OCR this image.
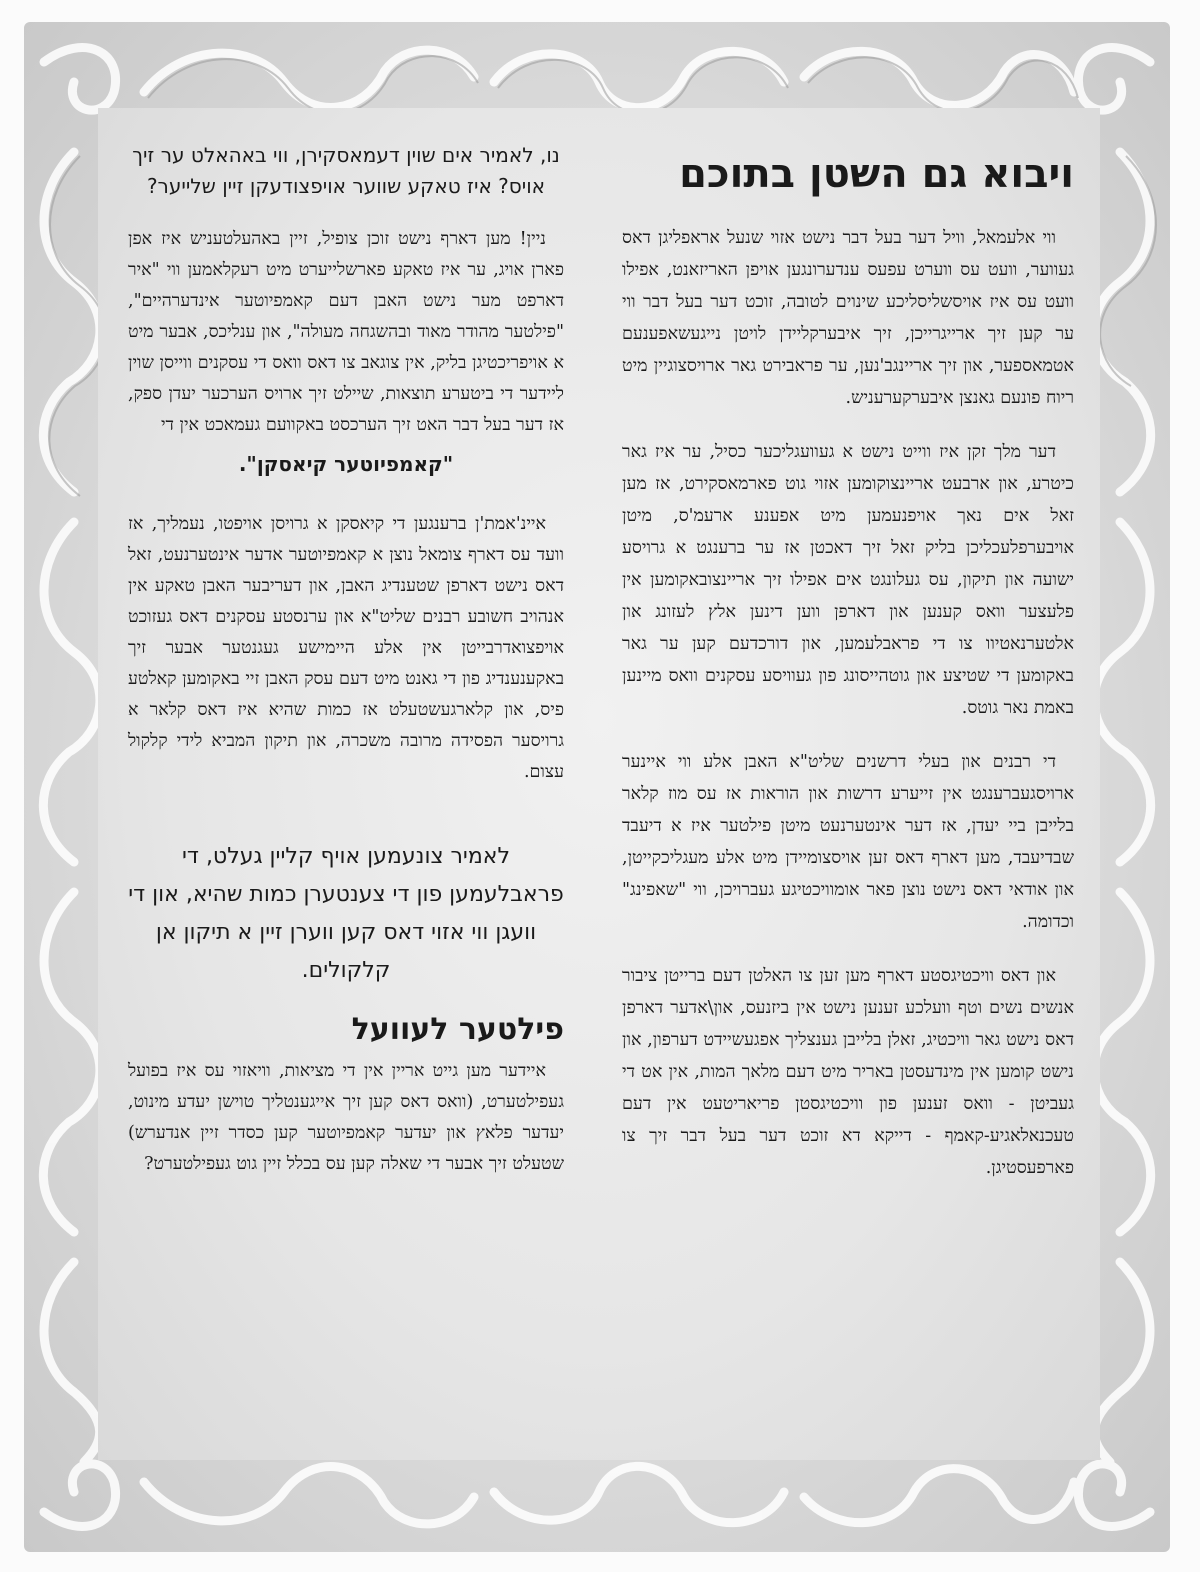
ויבוא גם השטן בתוכם

ווי אלעמאל, וויל דער בעל דבר נישט אזוי שנעל אראפליגן דאס געווער, וועט עס ווערט עפעס ענדערונגען אויפן האריזאנט, אפילו וועט עס איז אויסשליסליכע שינוים לטובה, זוכט דער בעל דבר ווי ער קען זיך ארייגרייכן, זיך איבערקליידן לויטן נייגעשאפענעם אטמאספער, און זיך אריינגב'נען, ער פראבירט גאר ארויסצוגיין מיט ריוח פונעם גאנצן איבערקערעניש.

דער מלך זקן איז ווייט נישט א געוועגליכער כסיל, ער איז גאר כיטרע, און ארבעט אריינצוקומען אזוי גוט פארמאסקירט, אז מען זאל אים נאך אויפנעמען מיט אפענע ארעמ'ס, מיטן אויבערפלעכליכן בליק זאל זיך דאכטן אז ער ברענגט א גרויסע ישועה און תיקון, עס געלונגט אים אפילו זיך אריינצובאקומען אין פלעצער וואס קענען און דארפן ווען דינען אלץ לעזונג און אלטערנאטיוו צו די פראבלעמען, און דורכדעם קען ער גאר באקומען די שטיצע און גוטהייסונג פון געוויסע עסקנים וואס מיינען באמת נאר גוטס.

די רבנים און בעלי דרשנים שליט"א האבן אלע ווי איינער ארויסגעברענגט אין זייערע דרשות און הוראות אז עס מוז קלאר בלייבן ביי יעדן, אז דער אינטערנעט מיטן פילטער איז א דיעבד שבדיעבד, מען דארף דאס זען אויסצומיידן מיט אלע מעגליכקייטן, און אודאי דאס נישט נוצן פאר אומוויכטיגע געברויכן, ווי "שאפינג" וכדומה.

און דאס וויכטיגסטע דארף מען זען צו האלטן דעם ברייטן ציבור אנשים נשים וטף וועלכע זענען נישט אין ביזנעס, און\אדער דארפן דאס נישט גאר וויכטיג, זאלן בלייבן גענצליך אפגעשיידט דערפון, און נישט קומען אין מינדעסטן באריר מיט דעם מלאך המות, אין אט די געביטן - וואס זענען פון וויכטיגסטן פריאריטעט אין דעם טעכנאלאגיע-קאמף - דייקא דא זוכט דער בעל דבר זיך צו פארפעסטיגן.

נו, לאמיר אים שוין דעמאסקירן, ווי באהאלט ער זיך אויס? איז טאקע שווער אויפצודעקן זיין שלייער?

ניין! מען דארף נישט זוכן צופיל, זיין באהעלטעניש איז אפן פארן אויג, ער איז טאקע פארשלייערט מיט רעקלאמען ווי "איר דארפט מער נישט האבן דעם קאמפיוטער אינדערהיים", "פילטער מהודר מאוד ובהשגחה מעולה", און ענליכס, אבער מיט א אויפריכטיגן בליק, אין צוגאב צו דאס וואס די עסקנים ווייסן שוין ליידער די ביטערע תוצאות, שיילט זיך ארויס הערכער יעדן ספק, אז דער בעל דבר האט זיך הערכסט באקוועם געמאכט אין די

"קאמפיוטער קיאסקן".

איינ'אמת'ן ברענגען די קיאסקן א גרויסן אויפטו, נעמליך, אז וועד עס דארף צומאל נוצן א קאמפיוטער אדער אינטערנעט, זאל דאס נישט דארפן שטענדיג האבן, און דעריבער האבן טאקע אין אנהויב חשובע רבנים שליט"א און ערנסטע עסקנים דאס געזוכט אויפצואדרבייטן אין אלע היימישע געגנטער אבער זיך באקענענדיג פון די גאנט מיט דעם עסק האבן זיי באקומען קאלטע פיס, און קלארגעשטעלט אז כמות שהיא איז דאס קלאר א גרויסער הפסידה מרובה משכרה, און תיקון המביא לידי קלקול עצום.

לאמיר צונעמען אויף קליין געלט, די פראבלעמען פון די צענטערן כמות שהיא, און די וועגן ווי אזוי דאס קען ווערן זיין א תיקון אן קלקולים.
פילטער לעוועל

איידער מען גייט אריין אין די מציאות, וויאזוי עס איז בפועל געפילטערט, (וואס דאס קען זיך אייגענטליך טוישן יעדע מינוט, יעדער פלאץ און יעדער קאמפיוטער קען כסדר זיין אנדערש) שטעלט זיך אבער די שאלה קען עס בכלל זיין גוט געפילטערט?
